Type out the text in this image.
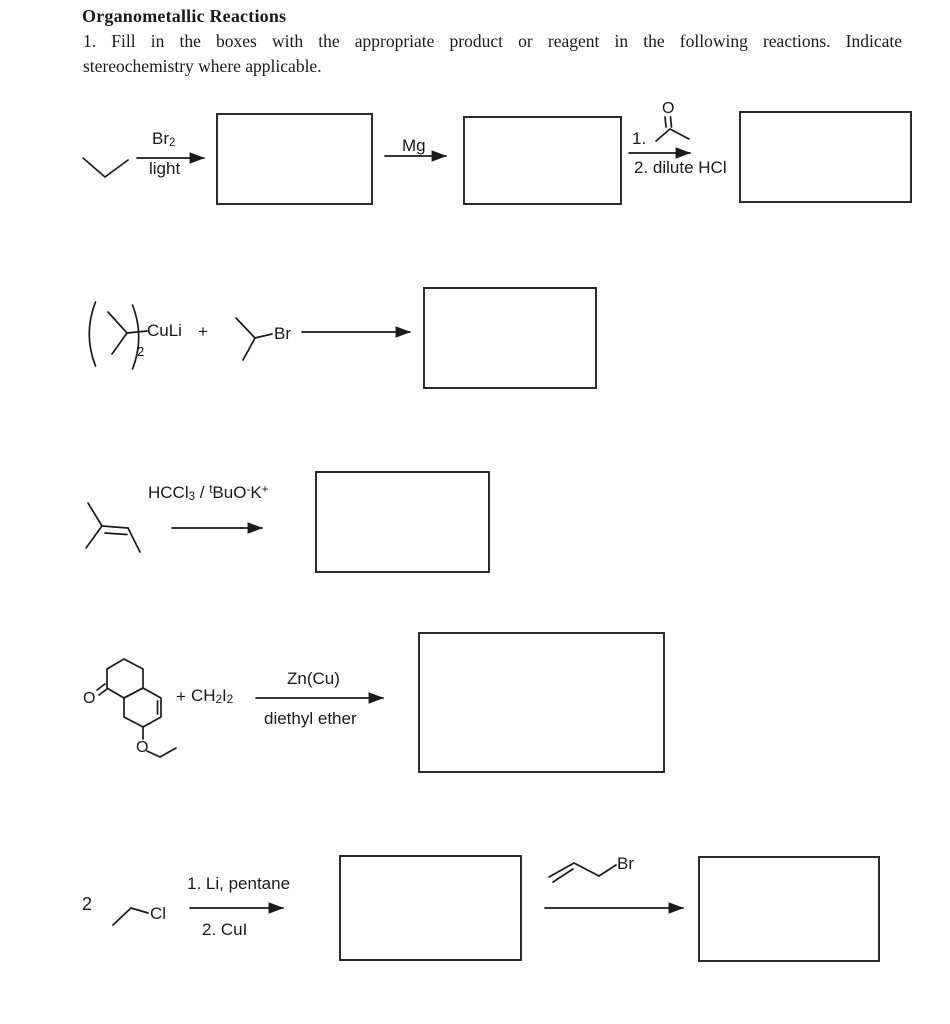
Organometallic Reactions
1. Fill in the boxes with the appropriate product or reagent in the following reactions. Indicate
stereochemistry where applicable.
Br2
light
Mg	1.
O
2. dilute HCl
2
CuLi +	Br
HCCl3 / $^t$BuO-K+
O	+ CH2I2
Zn(Cu)
diethyl ether
O
2	Cl
1. Li, pentane
2. CuI
Br
